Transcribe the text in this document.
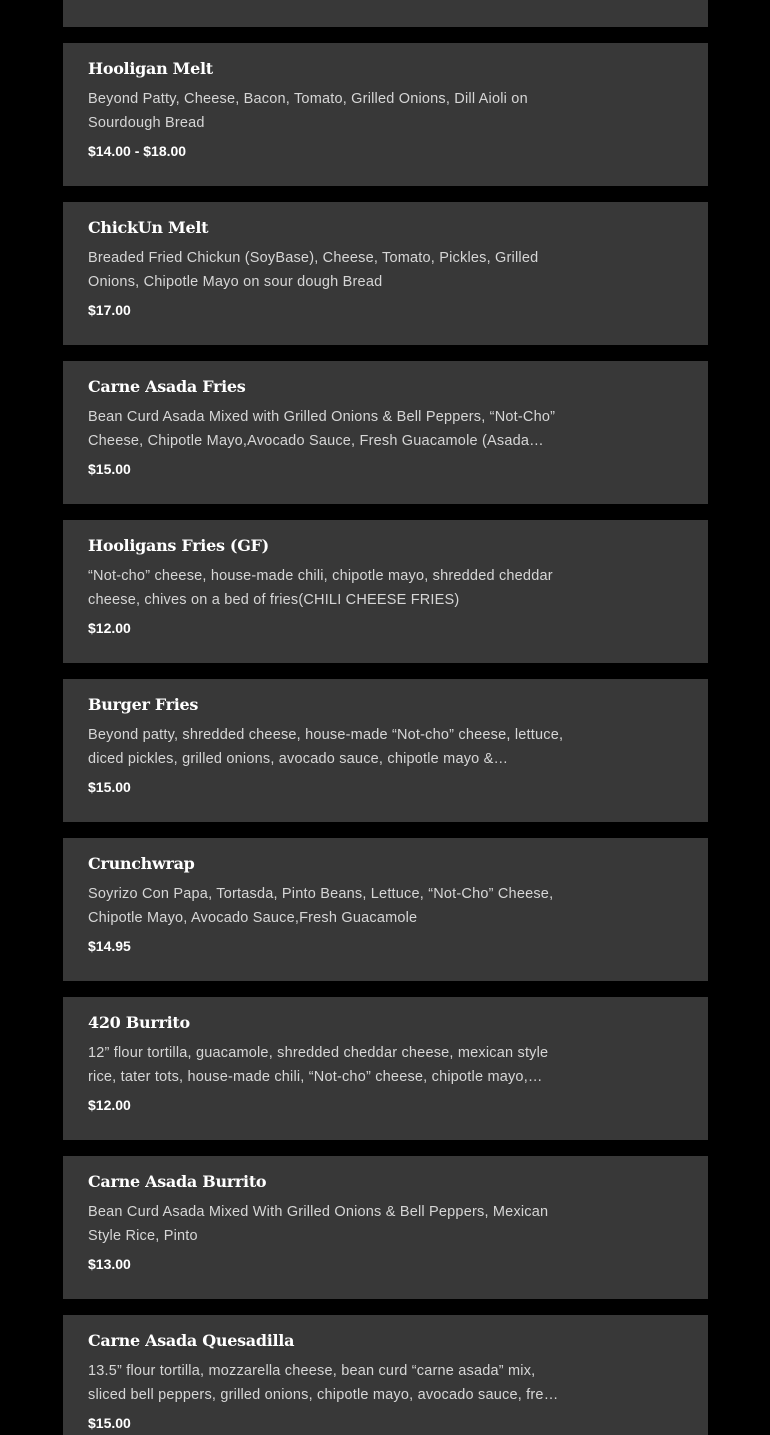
Hooligan Melt

Beyond Patty, Cheese, Bacon, Tomato, Grilled Onions, Dill Aioli on Sourdough Bread

$14.00 - $18.00
ChickUn Melt

Breaded Fried Chickun (SoyBase), Cheese, Tomato, Pickles, Grilled Onions, Chipotle Mayo on sour dough Bread

$17.00
Carne Asada Fries

Bean Curd Asada Mixed with Grilled Onions & Bell Peppers, “Not-Cho” Cheese, Chipotle Mayo,Avocado Sauce, Fresh Guacamole (Asada…

$15.00
Hooligans Fries (GF)

“Not-cho” cheese, house-made chili, chipotle mayo, shredded cheddar cheese, chives on a bed of fries(CHILI CHEESE FRIES)

$12.00
Burger Fries

Beyond patty, shredded cheese, house-made “Not-cho” cheese, lettuce, diced pickles, grilled onions, avocado sauce, chipotle mayo &…

$15.00
Crunchwrap

Soyrizo Con Papa, Tortasda, Pinto Beans, Lettuce, “Not-Cho” Cheese, Chipotle Mayo, Avocado Sauce,Fresh Guacamole

$14.95
420 Burrito

12” flour tortilla, guacamole, shredded cheddar cheese, mexican style rice, tater tots, house-made chili, “Not-cho” cheese, chipotle mayo,…

$12.00
Carne Asada Burrito

Bean Curd Asada Mixed With Grilled Onions & Bell Peppers, Mexican Style Rice, Pinto

$13.00
Carne Asada Quesadilla

13.5” flour tortilla, mozzarella cheese, bean curd “carne asada” mix, sliced bell peppers, grilled onions, chipotle mayo, avocado sauce, fre…

$15.00
